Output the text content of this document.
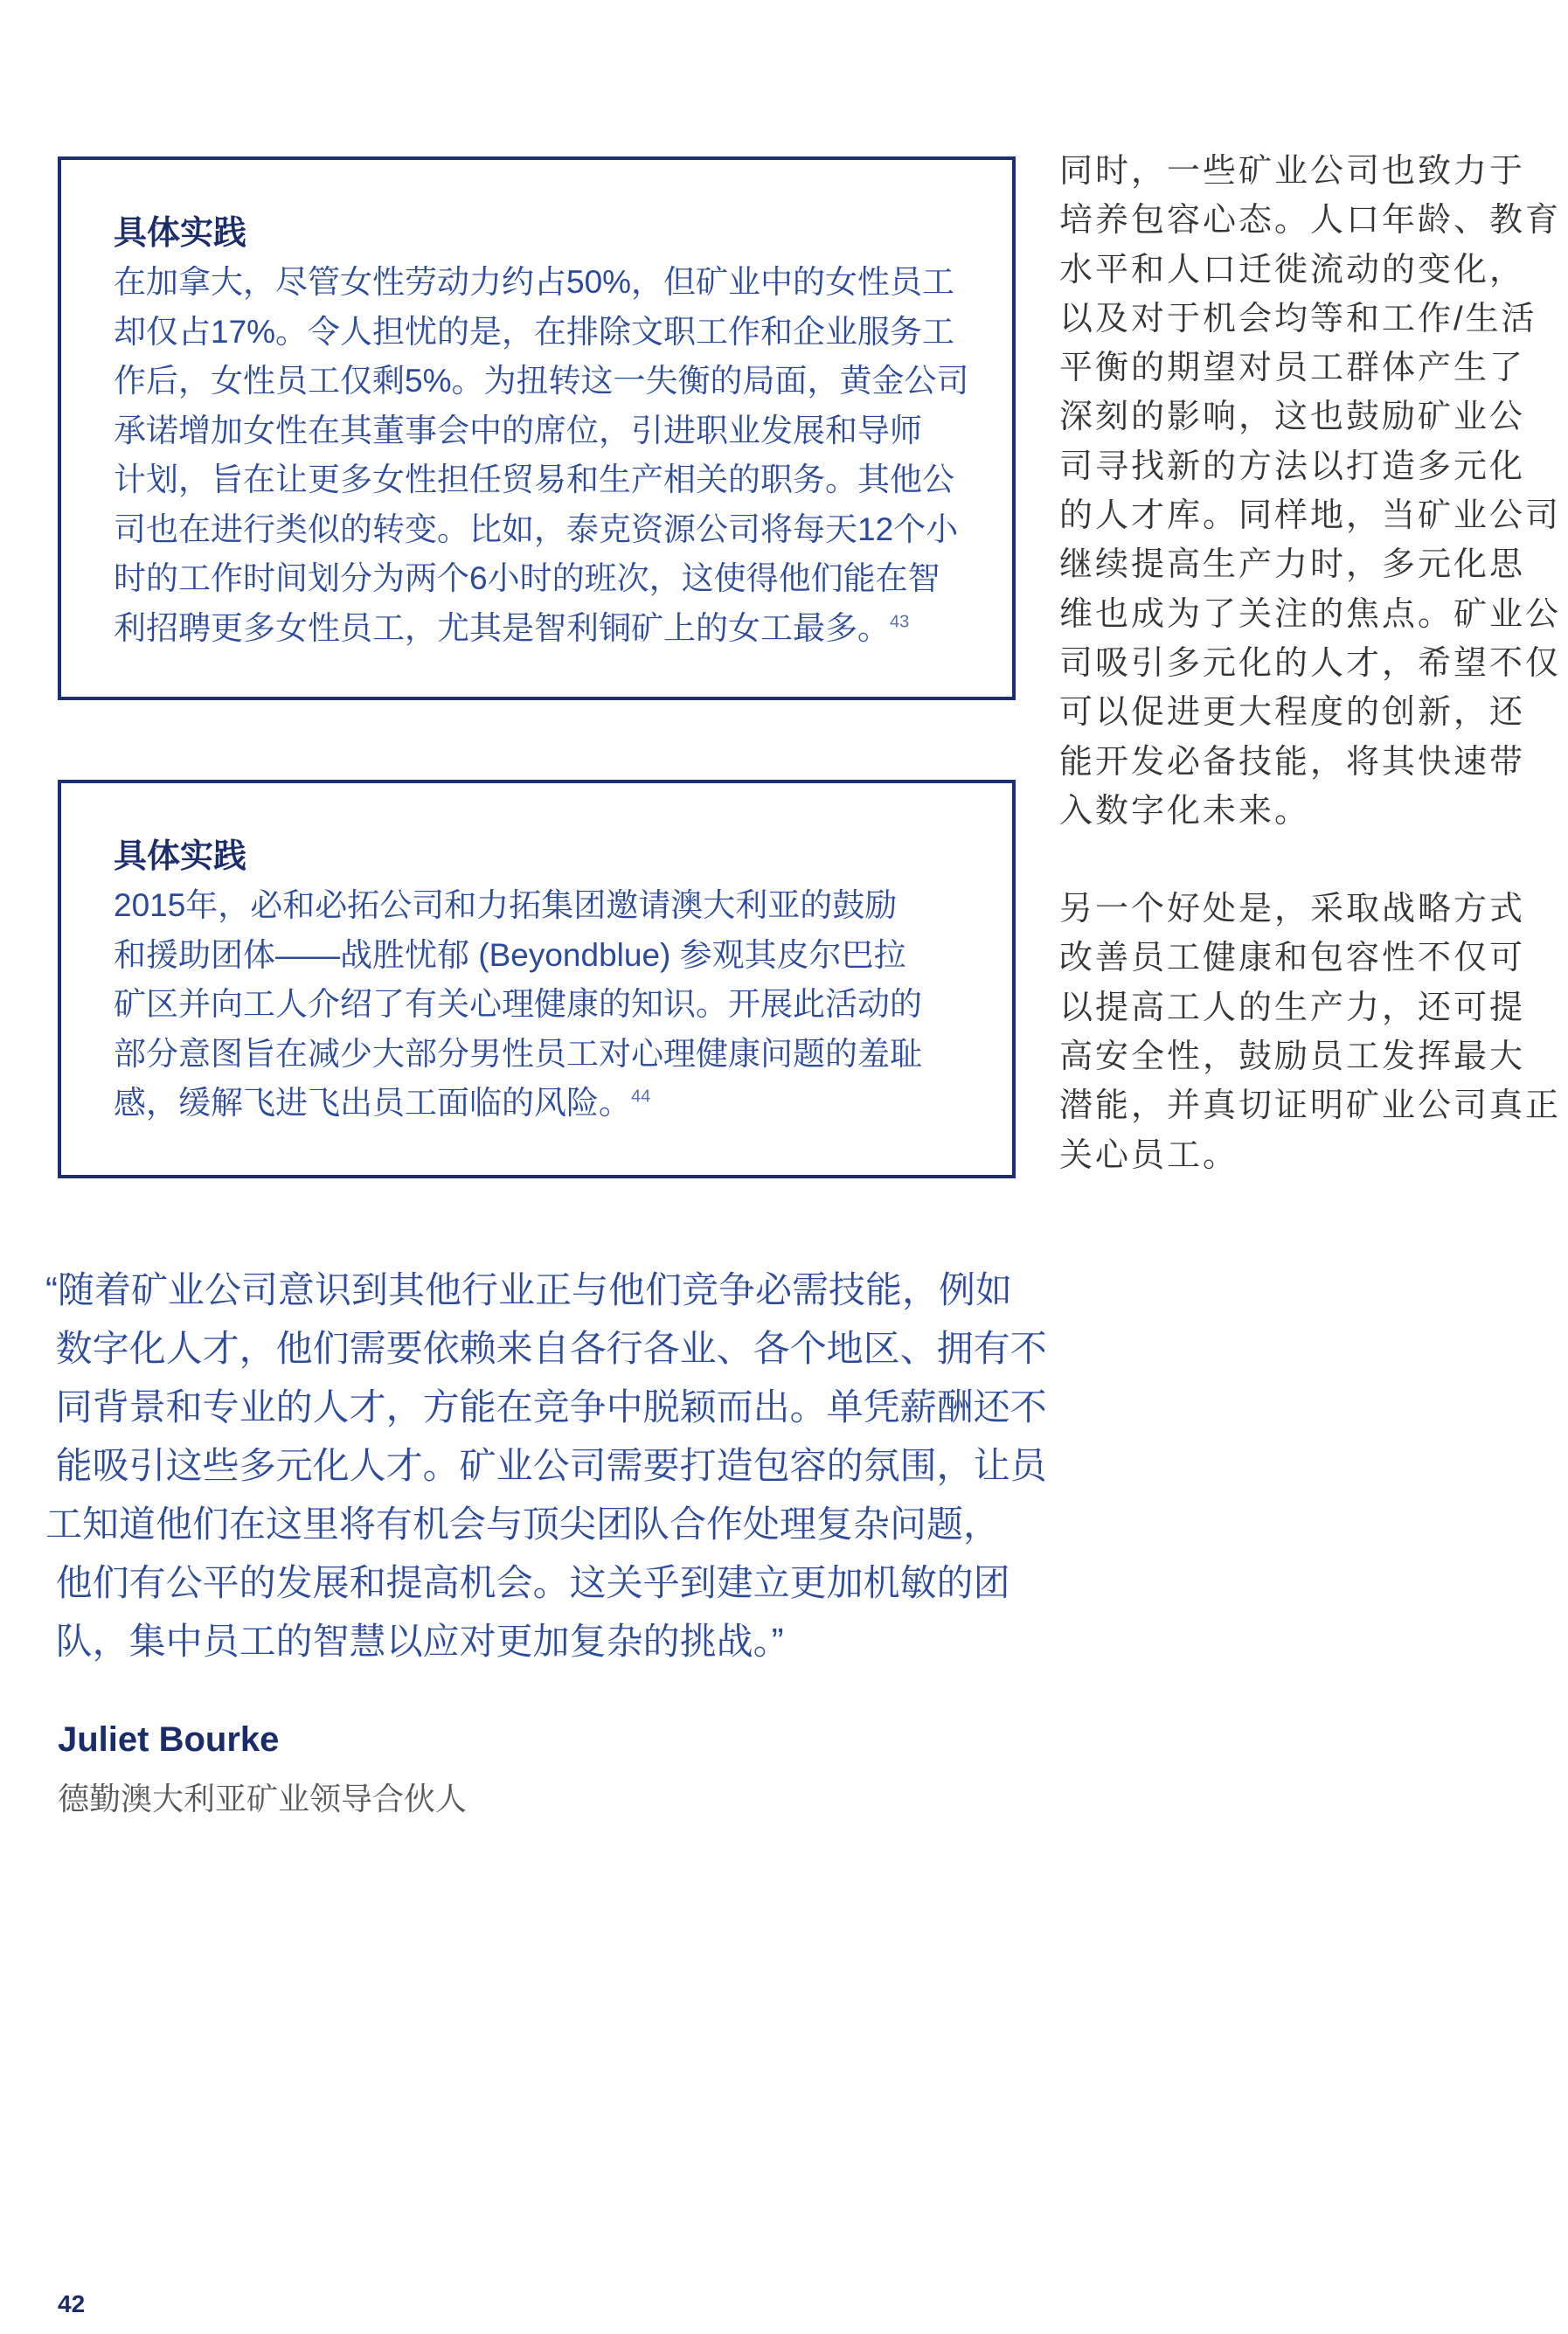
具体实践
在加拿大，尽管女性劳动力约占50%，但矿业中的女性员工
却仅占17%。令人担忧的是，在排除文职工作和企业服务工
作后，女性员工仅剩5%。为扭转这一失衡的局面，黄金公司
承诺增加女性在其董事会中的席位，引进职业发展和导师
计划，旨在让更多女性担任贸易和生产相关的职务。其他公
司也在进行类似的转变。比如，泰克资源公司将每天12个小
时的工作时间划分为两个6小时的班次，这使得他们能在智
利招聘更多女性员工，尤其是智利铜矿上的女工最多。$^{43}$
具体实践
2015年，必和必拓公司和力拓集团邀请澳大利亚的鼓励
和援助团体——战胜忧郁 (Beyondblue) 参观其皮尔巴拉
矿区并向工人介绍了有关心理健康的知识。开展此活动的
部分意图旨在减少大部分男性员工对心理健康问题的羞耻
感，缓解飞进飞出员工面临的风险。$^{44}$

同时，一些矿业公司也致力于
培养包容心态。人口年龄、教育
水平和人口迁徙流动的变化，
以及对于机会均等和工作/生活
平衡的期望对员工群体产生了
深刻的影响，这也鼓励矿业公
司寻找新的方法以打造多元化
的人才库。同样地，当矿业公司
继续提高生产力时，多元化思
维也成为了关注的焦点。矿业公
司吸引多元化的人才，希望不仅
可以促进更大程度的创新，还
能开发必备技能，将其快速带
入数字化未来。

另一个好处是，采取战略方式
改善员工健康和包容性不仅可
以提高工人的生产力，还可提
高安全性，鼓励员工发挥最大
潜能，并真切证明矿业公司真正
关心员工。

“随着矿业公司意识到其他行业正与他们竞争必需技能，例如
数字化人才，他们需要依赖来自各行各业、各个地区、拥有不
同背景和专业的人才，方能在竞争中脱颖而出。单凭薪酬还不
能吸引这些多元化人才。矿业公司需要打造包容的氛围，让员
工知道他们在这里将有机会与顶尖团队合作处理复杂问题，
他们有公平的发展和提高机会。这关乎到建立更加机敏的团
队，集中员工的智慧以应对更加复杂的挑战。”
Juliet Bourke
德勤澳大利亚矿业领导合伙人
42
